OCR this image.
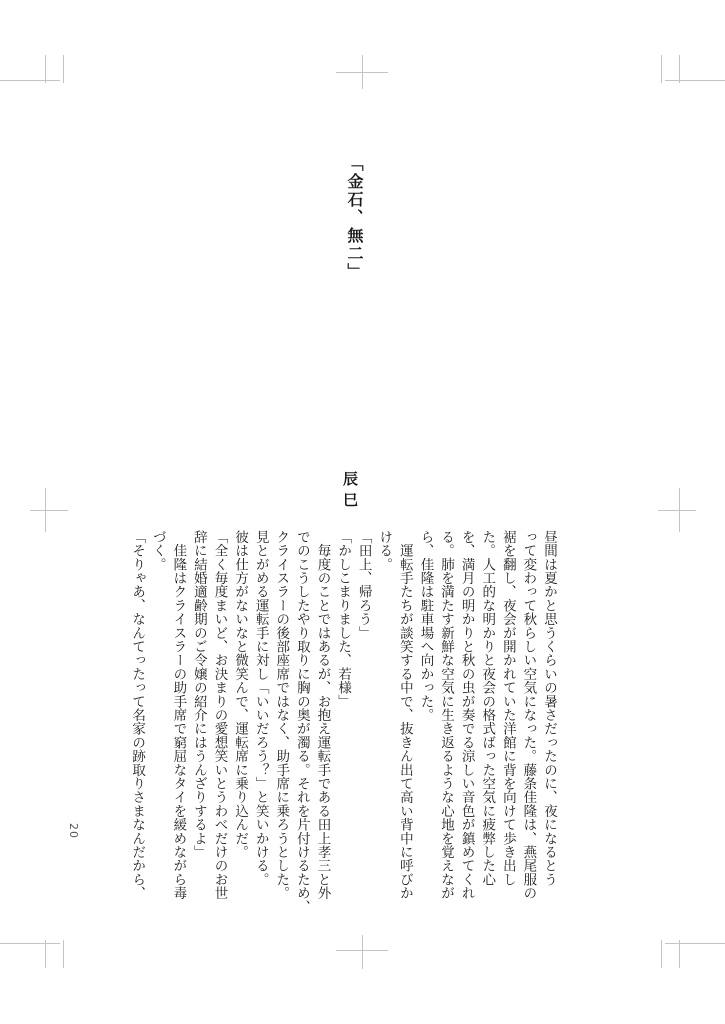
「金石、無二」
辰巳
昼間は夏かと思うくらいの暑さだったのに、夜になるとう
って変わって秋らしい空気になった。藤条佳隆は、燕尾服の
裾を翻し、夜会が開かれていた洋館に背を向けて歩き出し
た。人工的な明かりと夜会の格式ばった空気に疲弊した心
を、満月の明かりと秋の虫が奏でる涼しい音色が鎮めてくれ
る。肺を満たす新鮮な空気に生き返るような心地を覚えなが
ら、佳隆は駐車場へ向かった。
　運転手たちが談笑する中で、抜きん出て高い背中に呼びか
ける。
「田上、帰ろう」
「かしこまりました、若様」
　毎度のことではあるが、お抱え運転手である田上孝三と外
でのこうしたやり取りに胸の奥が濁る。それを片付けるため、
クライスラーの後部座席ではなく、助手席に乗ろうとした。
見とがめる運転手に対し「いいだろう？」と笑いかける。
彼は仕方がないなと微笑んで、運転席に乗り込んだ。
「全く毎度まいど、お決まりの愛想笑いとうわべだけのお世
辞に結婚適齢期のご令嬢の紹介にはうんざりするよ」
　佳隆はクライスラーの助手席で窮屈なタイを緩めながら毒
づく。
「そりゃあ、なんてったって名家の跡取りさまなんだから、
20
